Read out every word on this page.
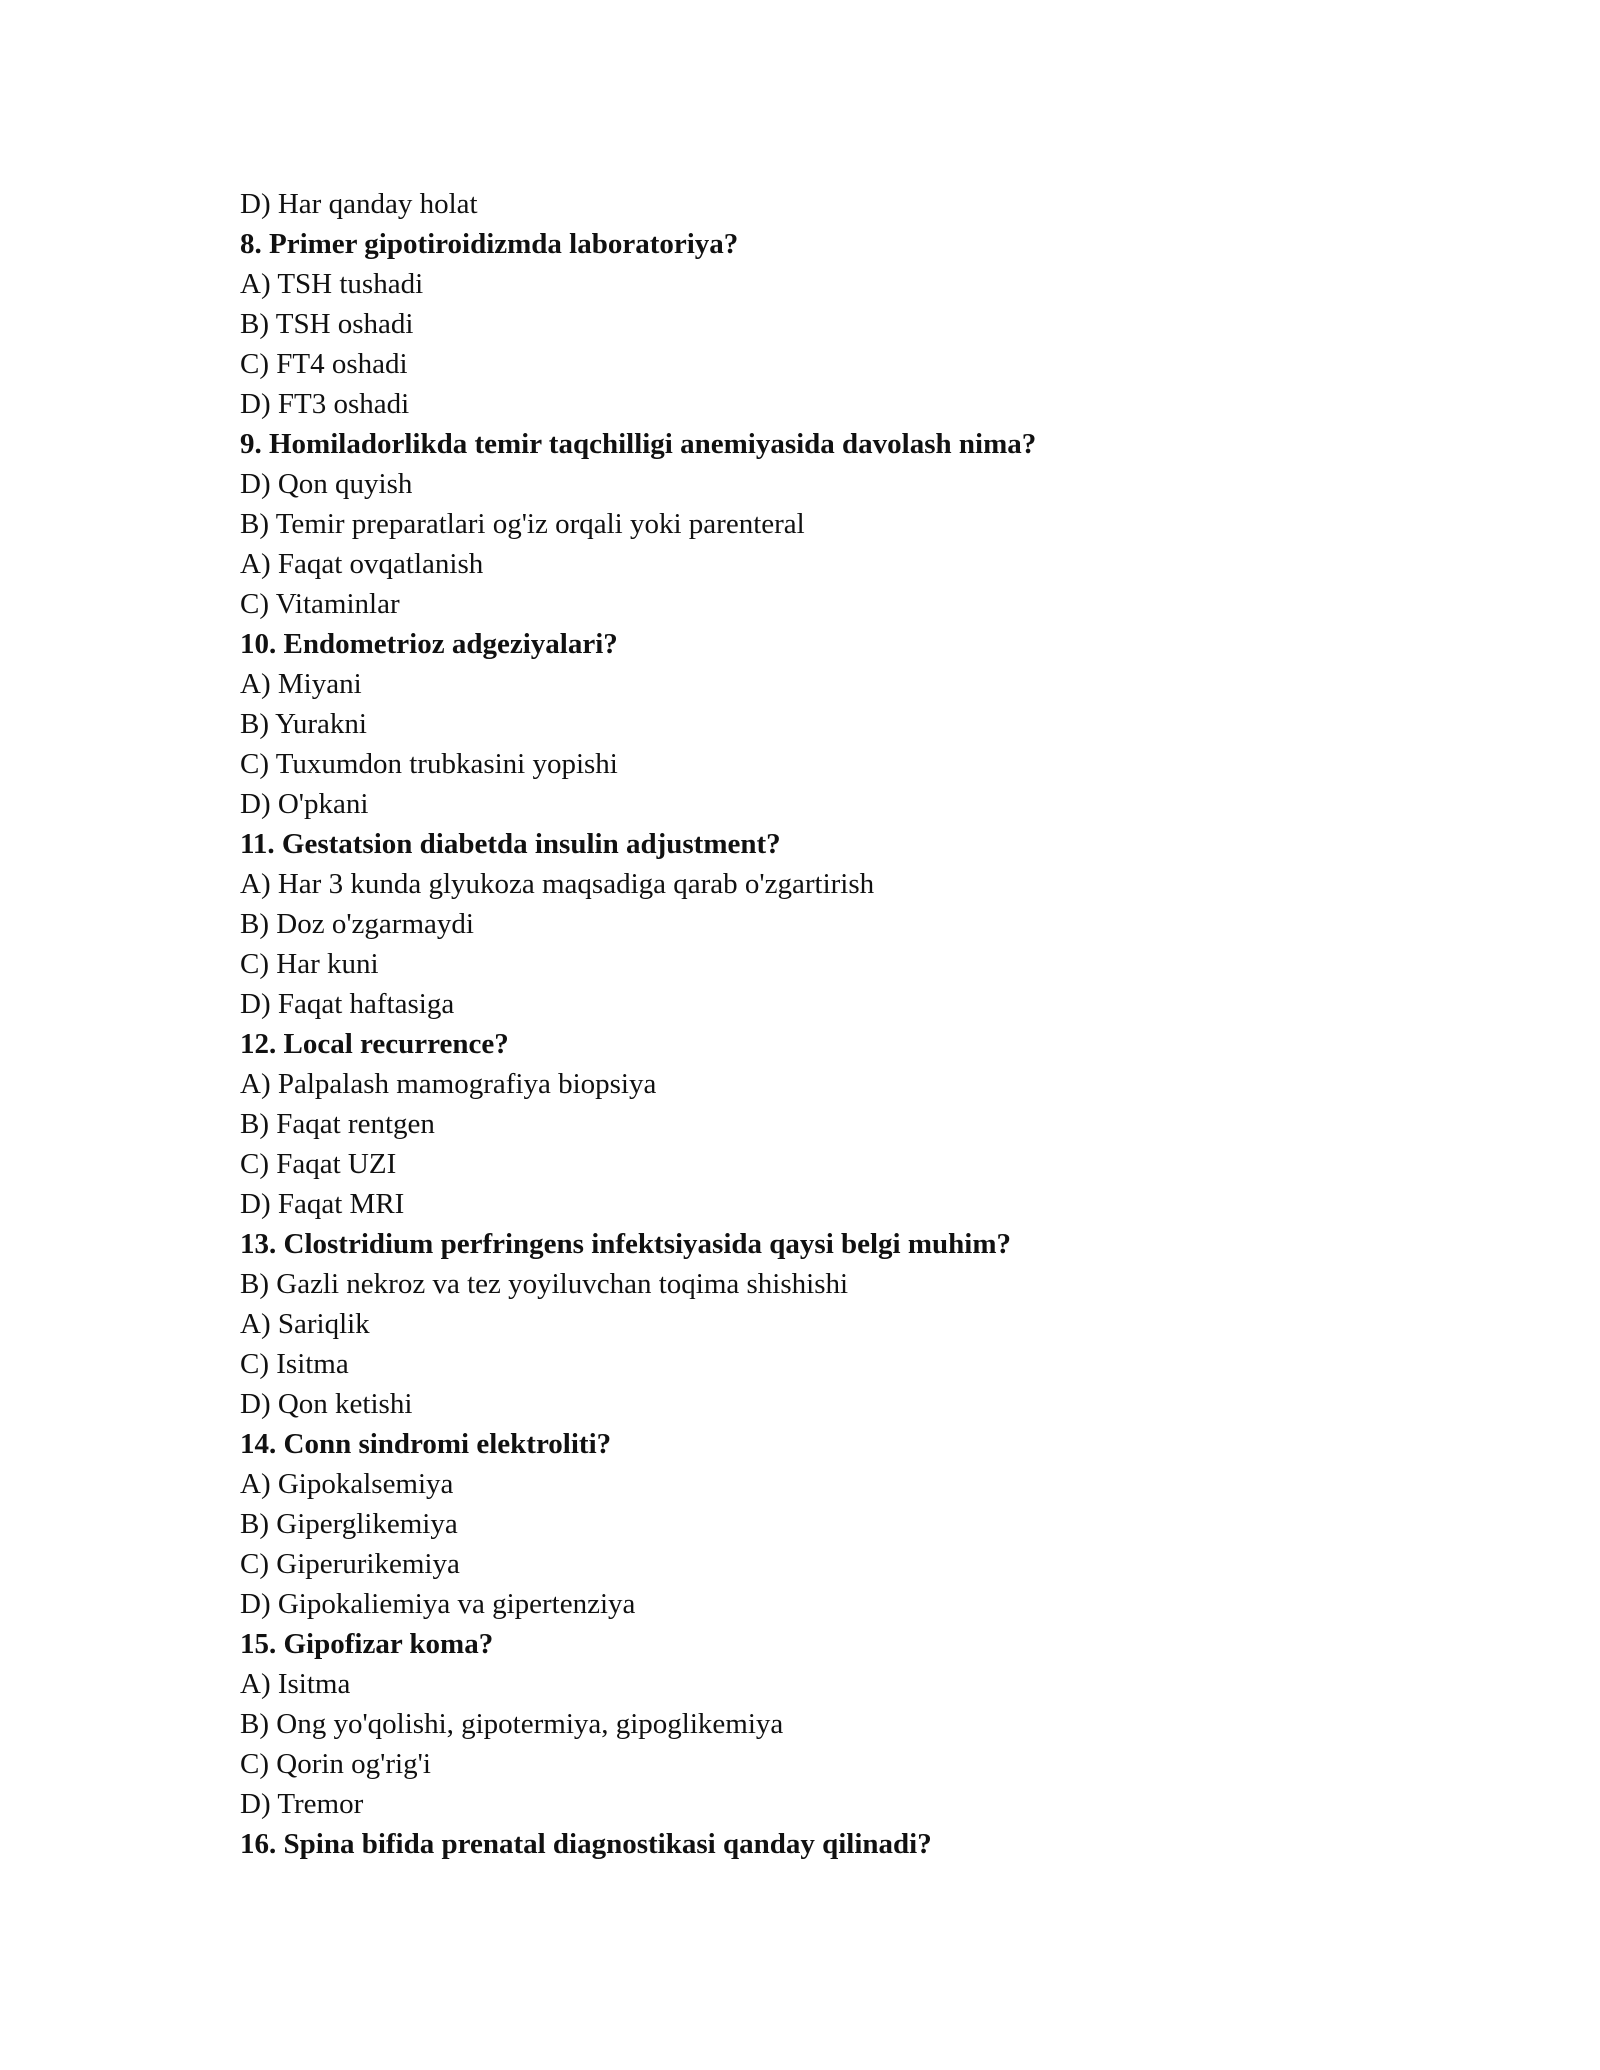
D) Har qanday holat
8. Primer gipotiroidizmda laboratoriya?
A) TSH tushadi
B) TSH oshadi
C) FT4 oshadi
D) FT3 oshadi
9. Homiladorlikda temir taqchilligi anemiyasida davolash nima?
D) Qon quyish
B) Temir preparatlari og'iz orqali yoki parenteral
A) Faqat ovqatlanish
C) Vitaminlar
10. Endometrioz adgeziyalari?
A) Miyani
B) Yurakni
C) Tuxumdon trubkasini yopishi
D) O'pkani
11. Gestatsion diabetda insulin adjustment?
A) Har 3 kunda glyukoza maqsadiga qarab o'zgartirish
B) Doz o'zgarmaydi
C) Har kuni
D) Faqat haftasiga
12. Local recurrence?
A) Palpalash mamografiya biopsiya
B) Faqat rentgen
C) Faqat UZI
D) Faqat MRI
13. Clostridium perfringens infektsiyasida qaysi belgi muhim?
B) Gazli nekroz va tez yoyiluvchan toqima shishishi
A) Sariqlik
C) Isitma
D) Qon ketishi
14. Conn sindromi elektroliti?
A) Gipokalsemiya
B) Giperglikemiya
C) Giperurikemiya
D) Gipokaliemiya va gipertenziya
15. Gipofizar koma?
A) Isitma
B) Ong yo'qolishi, gipotermiya, gipoglikemiya
C) Qorin og'rig'i
D) Tremor
16. Spina bifida prenatal diagnostikasi qanday qilinadi?
